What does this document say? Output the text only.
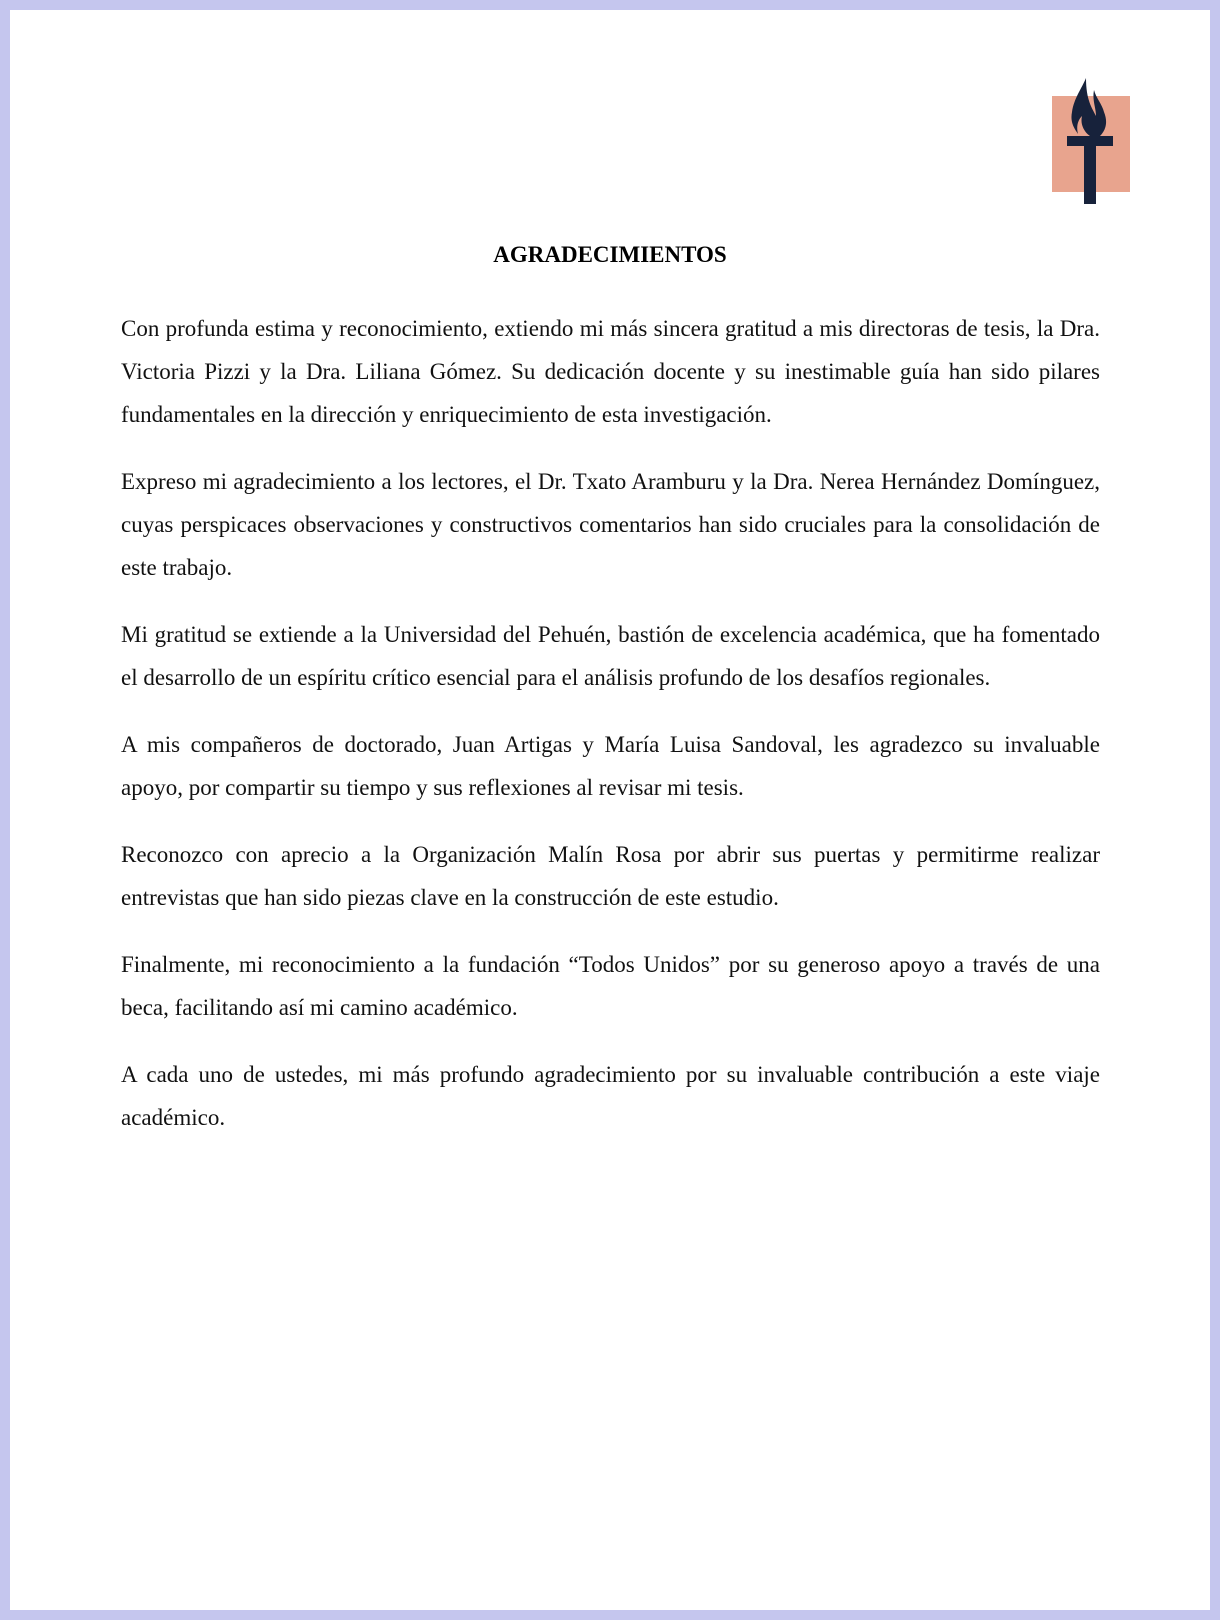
AGRADECIMIENTOS

Con profunda estima y reconocimiento, extiendo mi más sincera gratitud a mis directoras de tesis, la Dra. Victoria Pizzi y la Dra. Liliana Gómez. Su dedicación docente y su inestimable guía han sido pilares fundamentales en la dirección y enriquecimiento de esta investigación.

Expreso mi agradecimiento a los lectores, el Dr. Txato Aramburu y la Dra. Nerea Hernández Domínguez, cuyas perspicaces observaciones y constructivos comentarios han sido cruciales para la consolidación de este trabajo.

Mi gratitud se extiende a la Universidad del Pehuén, bastión de excelencia académica, que ha fomentado el desarrollo de un espíritu crítico esencial para el análisis profundo de los desafíos regionales.

A mis compañeros de doctorado, Juan Artigas y María Luisa Sandoval, les agradezco su invaluable apoyo, por compartir su tiempo y sus reflexiones al revisar mi tesis.

Reconozco con aprecio a la Organización Malín Rosa por abrir sus puertas y permitirme realizar entrevistas que han sido piezas clave en la construcción de este estudio.

Finalmente, mi reconocimiento a la fundación “Todos Unidos” por su generoso apoyo a través de una beca, facilitando así mi camino académico.

A cada uno de ustedes, mi más profundo agradecimiento por su invaluable contribución a este viaje académico.
